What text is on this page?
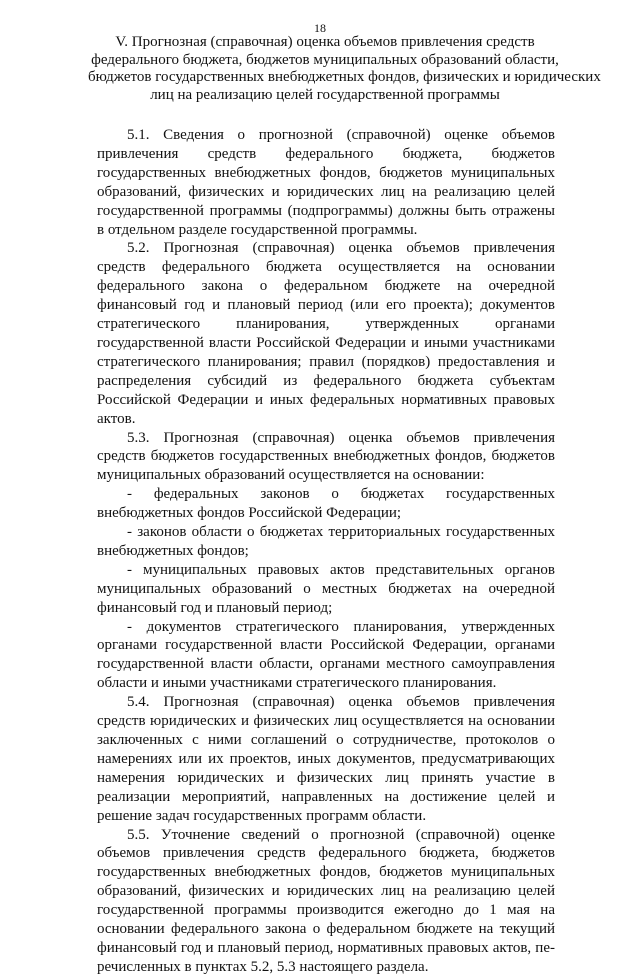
18
V. Прогнозная (справочная) оценка объемов привлечения средств
федерального бюджета, бюджетов муниципальных образований области,
бюджетов государственных внебюджетных фондов, физических и юридических
лиц на реализацию целей государственной программы

5.1. Сведения о прогнозной (справочной) оценке объемов привлечения средств федерального бюджета, бюджетов государственных внебюджетных фондов, бюджетов муниципальных образований, физических и юридических лиц на реализацию целей государственной программы (подпрограммы) должны быть отражены в отдельном разделе государственной программы.

5.2. Прогнозная (справочная) оценка объемов привлечения средств федерального бюджета осуществляется на основании федерального закона о федеральном бюджете на очередной финансовый год и плановый период (или его проекта); документов стратегического планирования, утвержденных органами государственной власти Российской Федерации и иными участниками стратегического планирования; правил (порядков) предоставления и распределения субсидий из федерального бюджета субъектам Российской Федерации и иных федеральных нормативных правовых актов.

5.3. Прогнозная (справочная) оценка объемов привлечения средств бюджетов государственных внебюджетных фондов, бюджетов муниципальных образований осуществляется на основании:

- федеральных законов о бюджетах государственных внебюджетных фондов Российской Федерации;

- законов области о бюджетах территориальных государственных внебюджетных фондов;

- муниципальных правовых актов представительных органов муниципальных образований о местных бюджетах на очередной финансовый год и плановый период;

- документов стратегического планирования, утвержденных органами государственной власти Российской Федерации, органами государственной власти области, органами местного самоуправления области и иными участниками стратегического планирования.

5.4. Прогнозная (справочная) оценка объемов привлечения средств юридических и физических лиц осуществляется на основании заключенных с ними соглашений о сотрудничестве, протоколов о намерениях или их проектов, иных документов, предусматривающих намерения юридических и физических лиц принять участие в реализации мероприятий, направленных на достижение целей и решение задач государственных программ области.

5.5. Уточнение сведений о прогнозной (справочной) оценке объемов привлечения средств федерального бюджета, бюджетов государственных внебюджетных фондов, бюджетов муниципальных образований, физических и юридических лиц на реализацию целей государственной программы производится ежегодно до 1 мая на основании федерального закона о федеральном бюджете на текущий финансовый год и плановый период, нормативных правовых актов, перечисленных в пунктах 5.2, 5.3 настоящего раздела.
